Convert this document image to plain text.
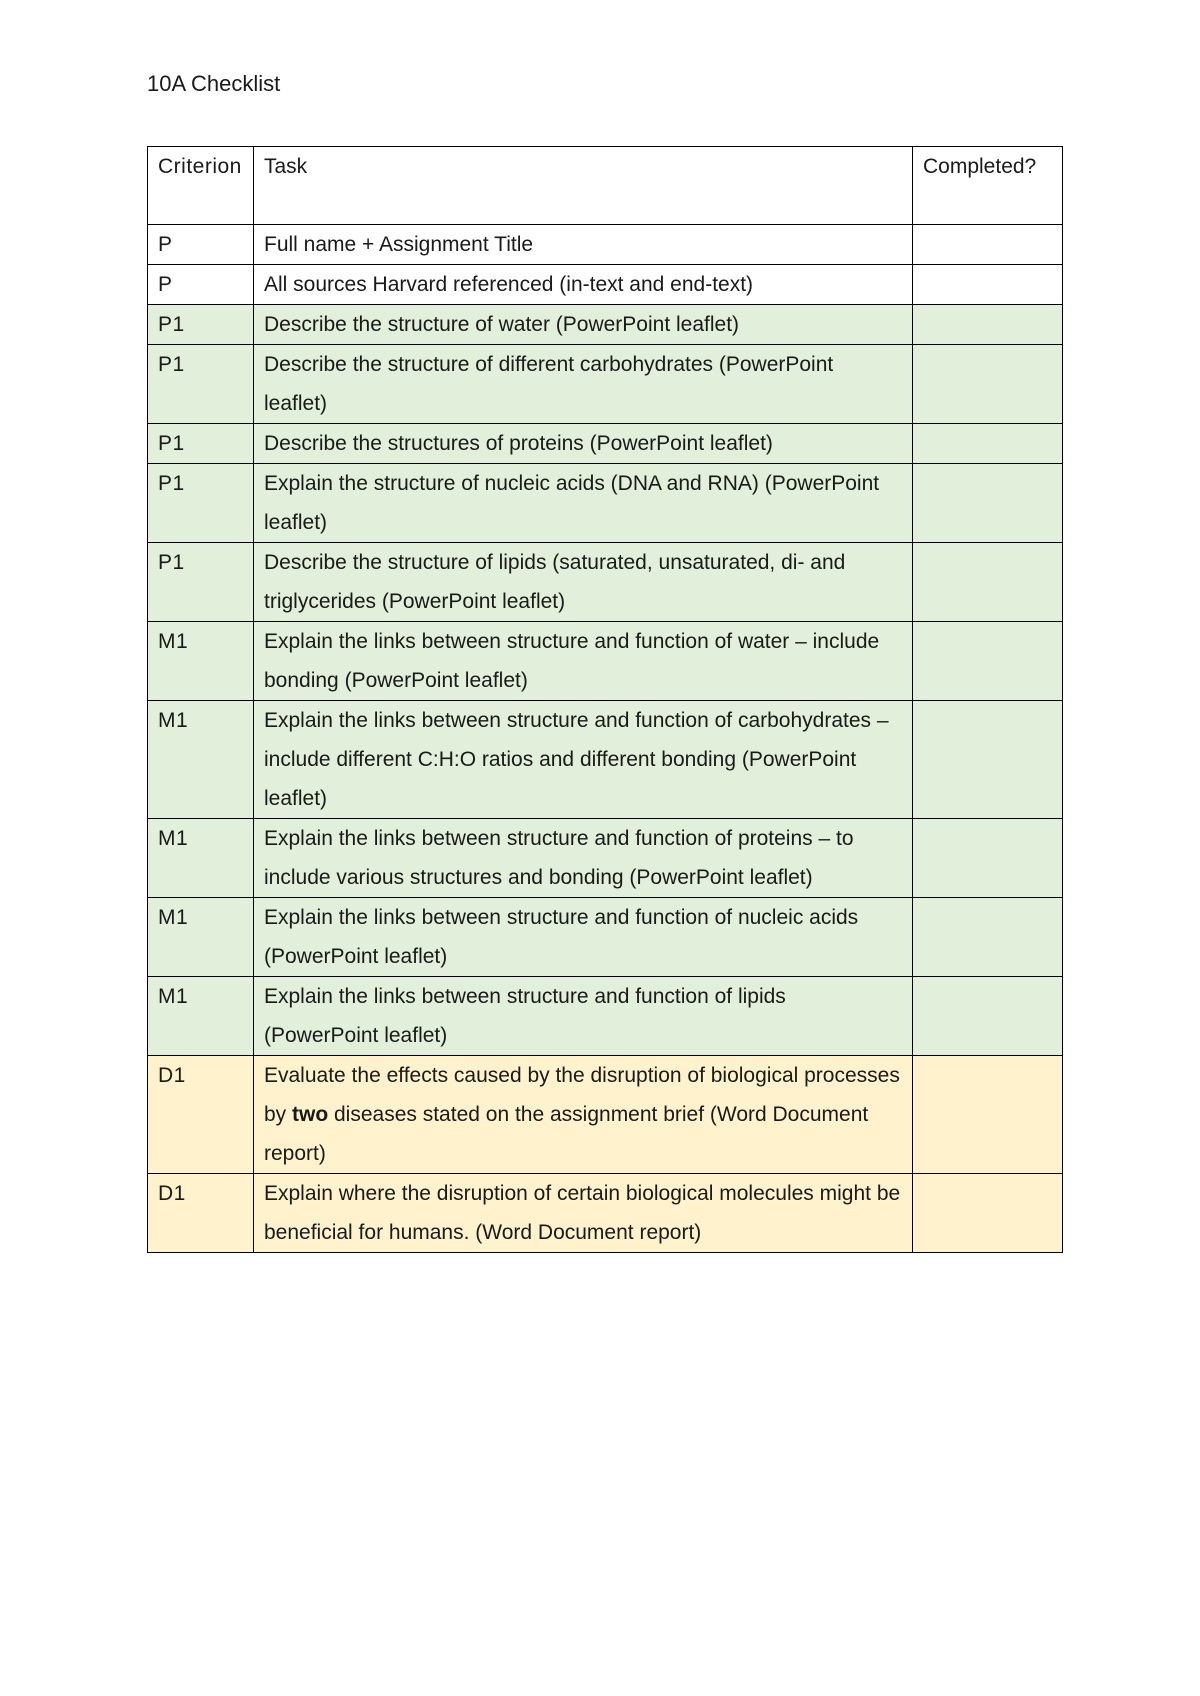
10A Checklist
Criterion	Task	Completed?
P	Full name + Assignment Title	
P	All sources Harvard referenced (in-text and end-text)	
P1	Describe the structure of water (PowerPoint leaflet)	
P1	Describe the structure of different carbohydrates (PowerPoint leaflet)	
P1	Describe the structures of proteins (PowerPoint leaflet)	
P1	Explain the structure of nucleic acids (DNA and RNA) (PowerPoint leaflet)	
P1	Describe the structure of lipids (saturated, unsaturated, di- and triglycerides (PowerPoint leaflet)	
M1	Explain the links between structure and function of water – include bonding (PowerPoint leaflet)	
M1	Explain the links between structure and function of carbohydrates – include different C:H:O ratios and different bonding (PowerPoint leaflet)	
M1	Explain the links between structure and function of proteins – to include various structures and bonding (PowerPoint leaflet)	
M1	Explain the links between structure and function of nucleic acids (PowerPoint leaflet)	
M1	Explain the links between structure and function of lipids (PowerPoint leaflet)	
D1	Evaluate the effects caused by the disruption of biological processes by two diseases stated on the assignment brief (Word Document report)	
D1	Explain where the disruption of certain biological molecules might be beneficial for humans. (Word Document report)	
